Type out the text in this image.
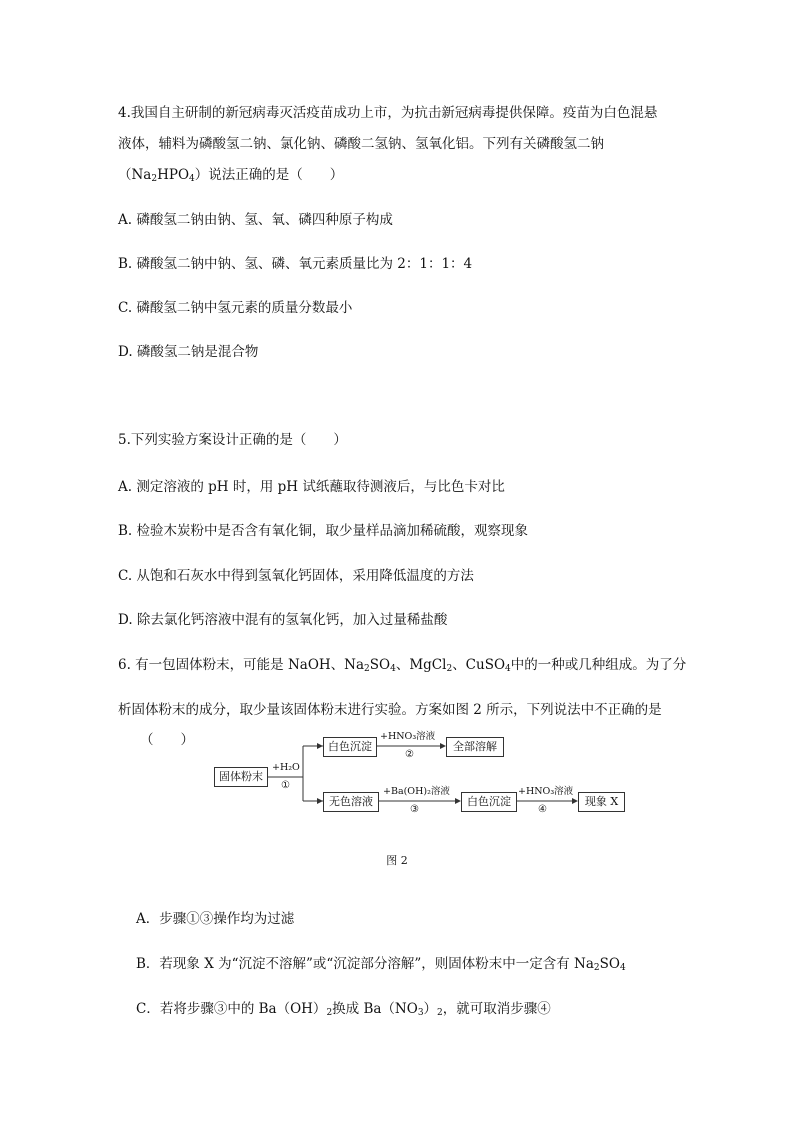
4.我国自主研制的新冠病毒灭活疫苗成功上市，为抗击新冠病毒提供保障。疫苗为白色混悬
液体，辅料为磷酸氢二钠、氯化钠、磷酸二氢钠、氢氧化铝。下列有关磷酸氢二钠
$(Na_2HPO_4)$说法正确的是（　　）
A. 磷酸氢二钠由钠、氢、氧、磷四种原子构成
B. 磷酸氢二钠中钠、氢、磷、氧元素质量比为 2：1：1：4
C. 磷酸氢二钠中氢元素的质量分数最小
D. 磷酸氢二钠是混合物
5.下列实验方案设计正确的是（　　）
A. 测定溶液的 pH 时，用 pH 试纸蘸取待测液后，与比色卡对比
B. 检验木炭粉中是否含有氧化铜，取少量样品滴加稀硫酸，观察现象
C. 从饱和石灰水中得到氢氧化钙固体，采用降低温度的方法
D. 除去氯化钙溶液中混有的氢氧化钙，加入过量稀盐酸
6. 有一包固体粉末，可能是 NaOH、$Na_2SO_4$、MgCl$_2$、CuSO$_4$中的一种或几种组成。为了分
析固体粉末的成分，取少量该固体粉末进行实验。方案如图 2 所示，下列说法中不正确的是
（　　）
固体粉末
+H₂O
①
白色沉淀
+HNO₃溶液
②
全部溶解
无色溶液
+Ba(OH)₂溶液
③
白色沉淀
+HNO₃溶液
④
现象 X
图 2
A．步骤①③操作均为过滤
B．若现象 X 为“沉淀不溶解”或“沉淀部分溶解”，则固体粉末中一定含有 $Na_2SO_4$
C．若将步骤③中的 $Ba(OH)_2$换成 $Ba(NO_3)_2$，就可取消步骤④
